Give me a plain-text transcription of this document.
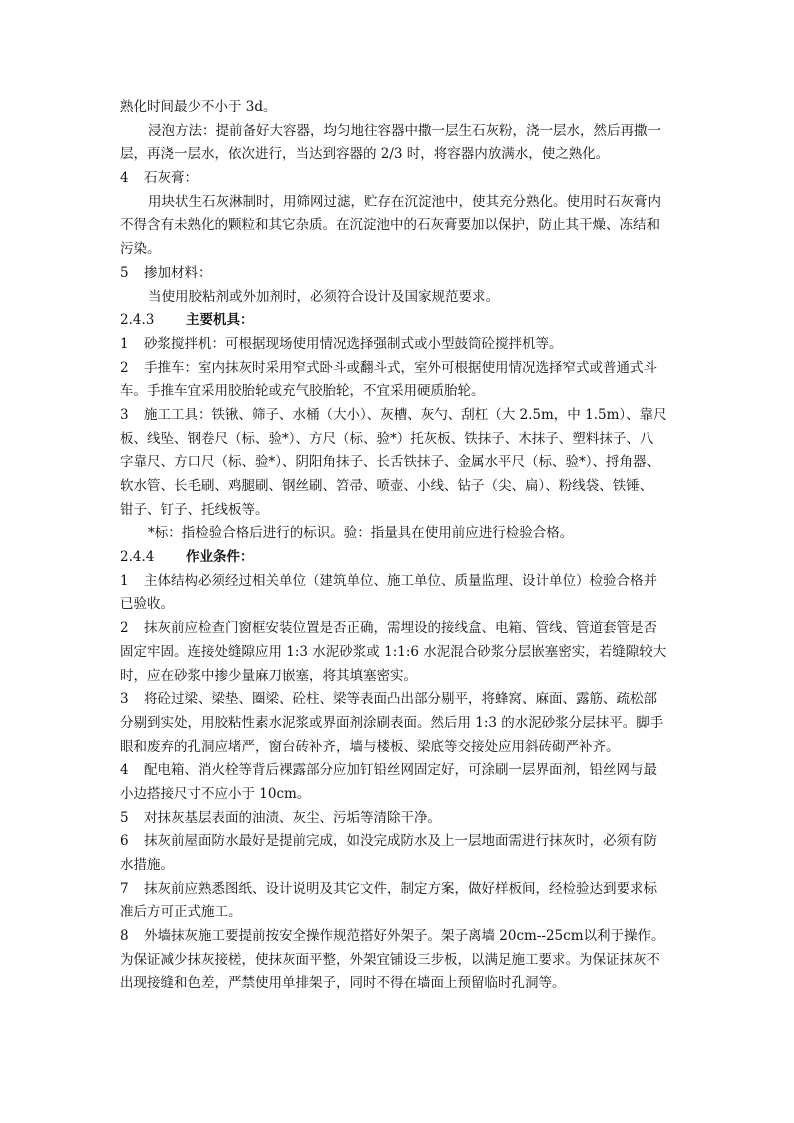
熟化时间最少不小于 3d。
浸泡方法：提前备好大容器，均匀地往容器中撒一层生石灰粉，浇一层水，然后再撒一
层，再浇一层水，依次进行，当达到容器的 2/3 时，将容器内放满水，使之熟化。
4 石灰膏：
用块状生石灰淋制时，用筛网过滤，贮存在沉淀池中，使其充分熟化。使用时石灰膏内
不得含有未熟化的颗粒和其它杂质。在沉淀池中的石灰膏要加以保护，防止其干燥、冻结和
污染。
5 掺加材料：
当使用胶粘剂或外加剂时，必须符合设计及国家规范要求。
2.4.3 主要机具：
1 砂浆搅拌机：可根据现场使用情况选择强制式或小型鼓筒砼搅拌机等。
2 手推车：室内抹灰时采用窄式卧斗或翻斗式，室外可根据使用情况选择窄式或普通式斗
车。手推车宜采用胶胎轮或充气胶胎轮，不宜采用硬质胎轮。
3 施工工具：铁锹、筛子、水桶（大小）、灰槽、灰勺、刮杠（大 2.5m，中 1.5m）、靠尺
板、线坠、钢卷尺（标、验*）、方尺（标、验*）托灰板、铁抹子、木抹子、塑料抹子、八
字靠尺、方口尺（标、验*）、阴阳角抹子、长舌铁抹子、金属水平尺（标、验*）、捋角器、
软水管、长毛刷、鸡腿刷、钢丝刷、笤帚、喷壶、小线、钻子（尖、扁）、粉线袋、铁锤、
钳子、钉子、托线板等。
*标：指检验合格后进行的标识。验：指量具在使用前应进行检验合格。
2.4.4 作业条件：
1 主体结构必须经过相关单位（建筑单位、施工单位、质量监理、设计单位）检验合格并
已验收。
2 抹灰前应检查门窗框安装位置是否正确，需埋设的接线盒、电箱、管线、管道套管是否
固定牢固。连接处缝隙应用 1:3 水泥砂浆或 1:1:6 水泥混合砂浆分层嵌塞密实，若缝隙较大
时，应在砂浆中掺少量麻刀嵌塞，将其填塞密实。
3 将砼过梁、梁垫、圈梁、砼柱、梁等表面凸出部分剔平，将蜂窝、麻面、露筋、疏松部
分剔到实处，用胶粘性素水泥浆或界面剂涂刷表面。然后用 1:3 的水泥砂浆分层抹平。脚手
眼和废弃的孔洞应堵严，窗台砖补齐，墙与楼板、梁底等交接处应用斜砖砌严补齐。
4 配电箱、消火栓等背后裸露部分应加钉铅丝网固定好，可涂刷一层界面剂，铅丝网与最
小边搭接尺寸不应小于 10cm。
5 对抹灰基层表面的油渍、灰尘、污垢等清除干净。
6 抹灰前屋面防水最好是提前完成，如没完成防水及上一层地面需进行抹灰时，必须有防
水措施。
7 抹灰前应熟悉图纸、设计说明及其它文件，制定方案，做好样板间，经检验达到要求标
准后方可正式施工。
8 外墙抹灰施工要提前按安全操作规范搭好外架子。架子离墙 20cm--25cm以利于操作。
为保证减少抹灰接槎，使抹灰面平整，外架宜铺设三步板，以满足施工要求。为保证抹灰不
出现接缝和色差，严禁使用单排架子，同时不得在墙面上预留临时孔洞等。
